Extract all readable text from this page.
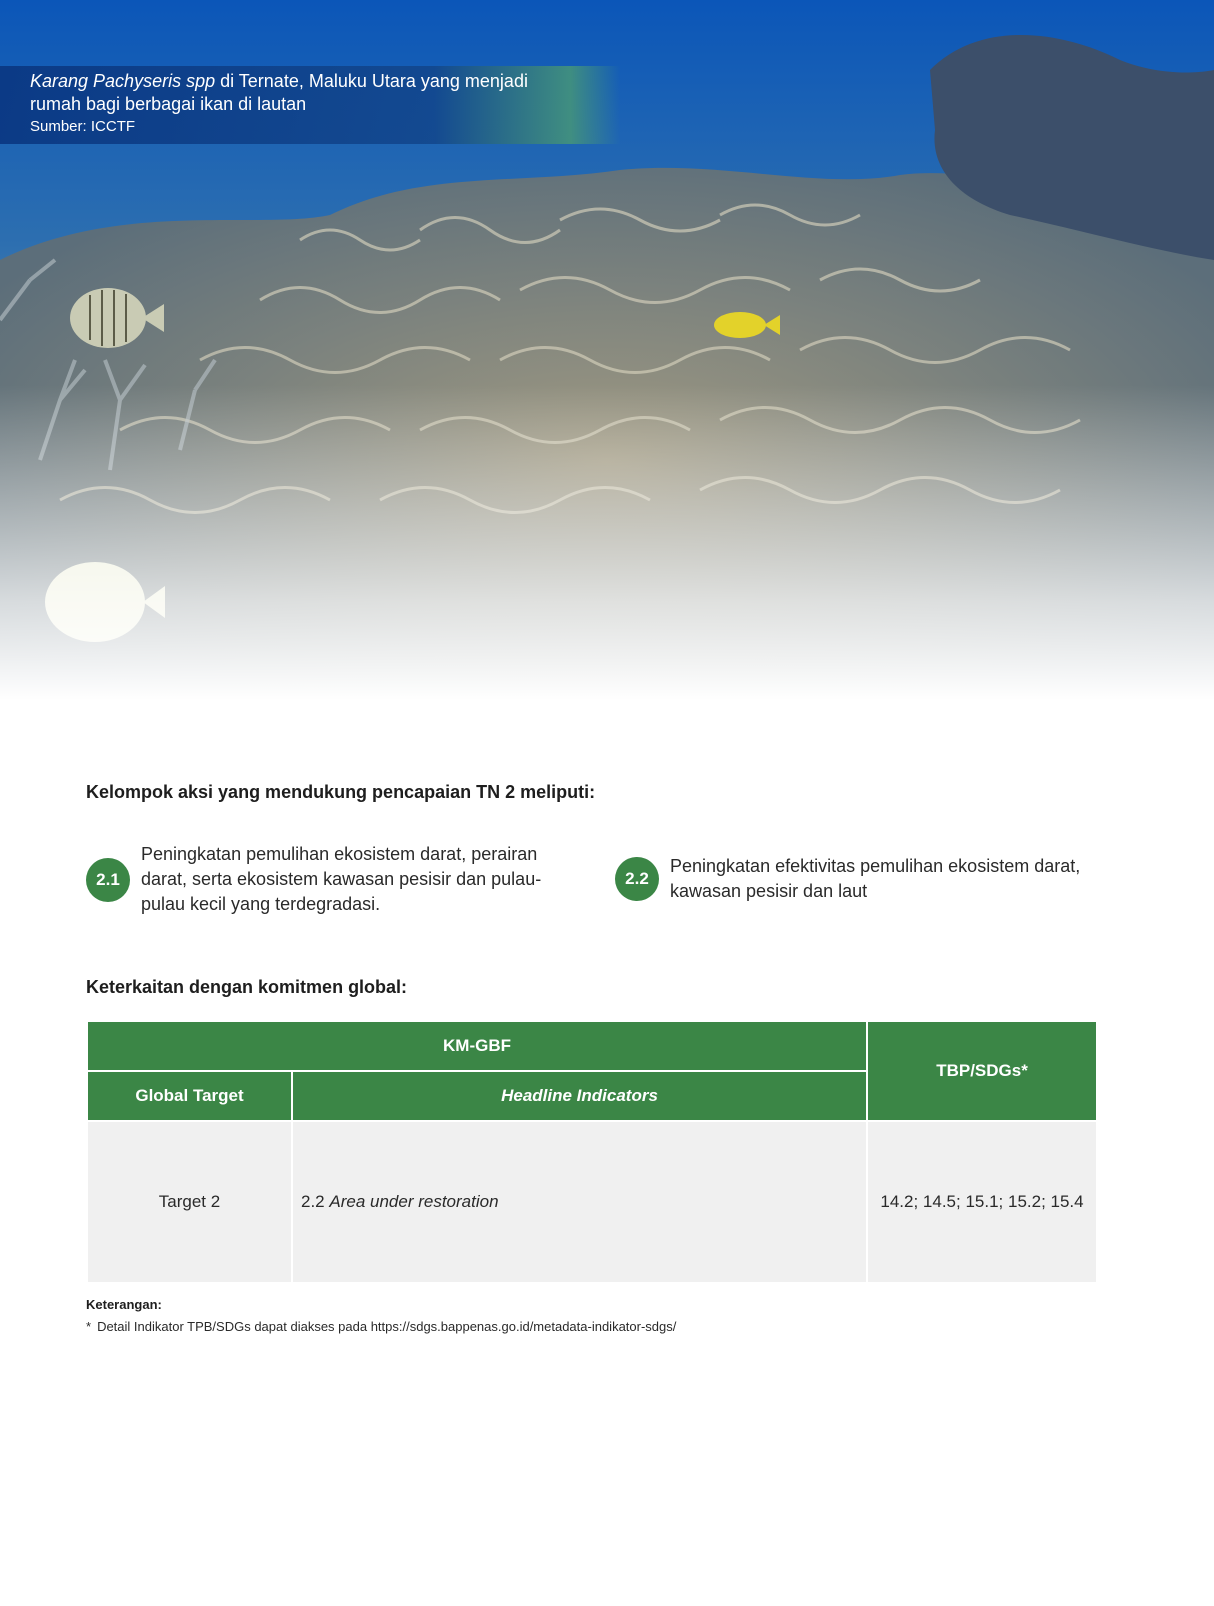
Karang Pachyseris spp di Ternate, Maluku Utara yang menjadi
rumah bagi berbagai ikan di lautan
Sumber: ICCTF
Kelompok aksi yang mendukung pencapaian TN 2 meliputi:
2.1
Peningkatan pemulihan ekosistem darat, perairan
darat, serta ekosistem kawasan pesisir dan pulau-
pulau kecil yang terdegradasi.
2.2
Peningkatan efektivitas pemulihan ekosistem darat,
kawasan pesisir dan laut
Keterkaitan dengan komitmen global:
KM-GBF		TBP/SDGs*
Global Target	Headline Indicators	
Target 2	2.2 Area under restoration	14.2; 14.5; 15.1; 15.2; 15.4
Keterangan:
* Detail Indikator TPB/SDGs dapat diakses pada https://sdgs.bappenas.go.id/metadata-indikator-sdgs/
